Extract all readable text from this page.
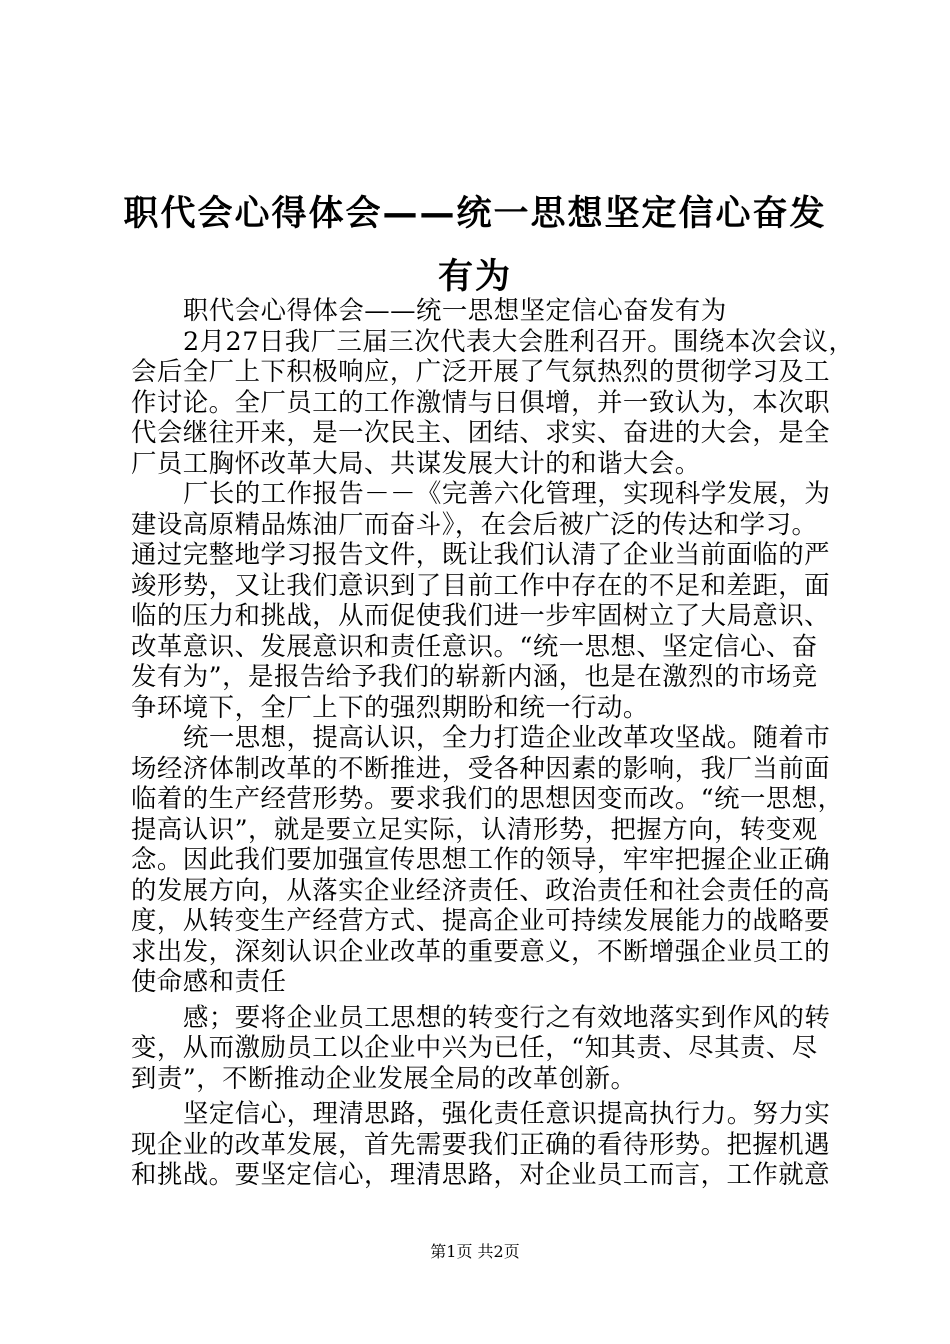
职代会心得体会——统一思想坚定信心奋发有为
职代会心得体会——统一思想坚定信心奋发有为
2月27日我厂三届三次代表大会胜利召开。围绕本次会议，
会后全厂上下积极响应，广泛开展了气氛热烈的贯彻学习及工
作讨论。全厂员工的工作激情与日俱增，并一致认为，本次职
代会继往开来，是一次民主、团结、求实、奋进的大会，是全
厂员工胸怀改革大局、共谋发展大计的和谐大会。
厂长的工作报告－－《完善六化管理，实现科学发展，为
建设高原精品炼油厂而奋斗》，在会后被广泛的传达和学习。
通过完整地学习报告文件，既让我们认清了企业当前面临的严
竣形势，又让我们意识到了目前工作中存在的不足和差距，面
临的压力和挑战，从而促使我们进一步牢固树立了大局意识、
改革意识、发展意识和责任意识。“统一思想、坚定信心、奋
发有为”，是报告给予我们的崭新内涵，也是在激烈的市场竞
争环境下，全厂上下的强烈期盼和统一行动。
统一思想，提高认识，全力打造企业改革攻坚战。随着市
场经济体制改革的不断推进，受各种因素的影响，我厂当前面
临着的生产经营形势。要求我们的思想因变而改。“统一思想，
提高认识”，就是要立足实际，认清形势，把握方向，转变观
念。因此我们要加强宣传思想工作的领导，牢牢把握企业正确
的发展方向，从落实企业经济责任、政治责任和社会责任的高
度，从转变生产经营方式、提高企业可持续发展能力的战略要
求出发，深刻认识企业改革的重要意义，不断增强企业员工的
使命感和责任
感；要将企业员工思想的转变行之有效地落实到作风的转
变，从而激励员工以企业中兴为已任，“知其责、尽其责、尽
到责”，不断推动企业发展全局的改革创新。
坚定信心，理清思路，强化责任意识提高执行力。努力实
现企业的改革发展，首先需要我们正确的看待形势。把握机遇
和挑战。要坚定信心，理清思路，对企业员工而言，工作就意
第1页 共2页
